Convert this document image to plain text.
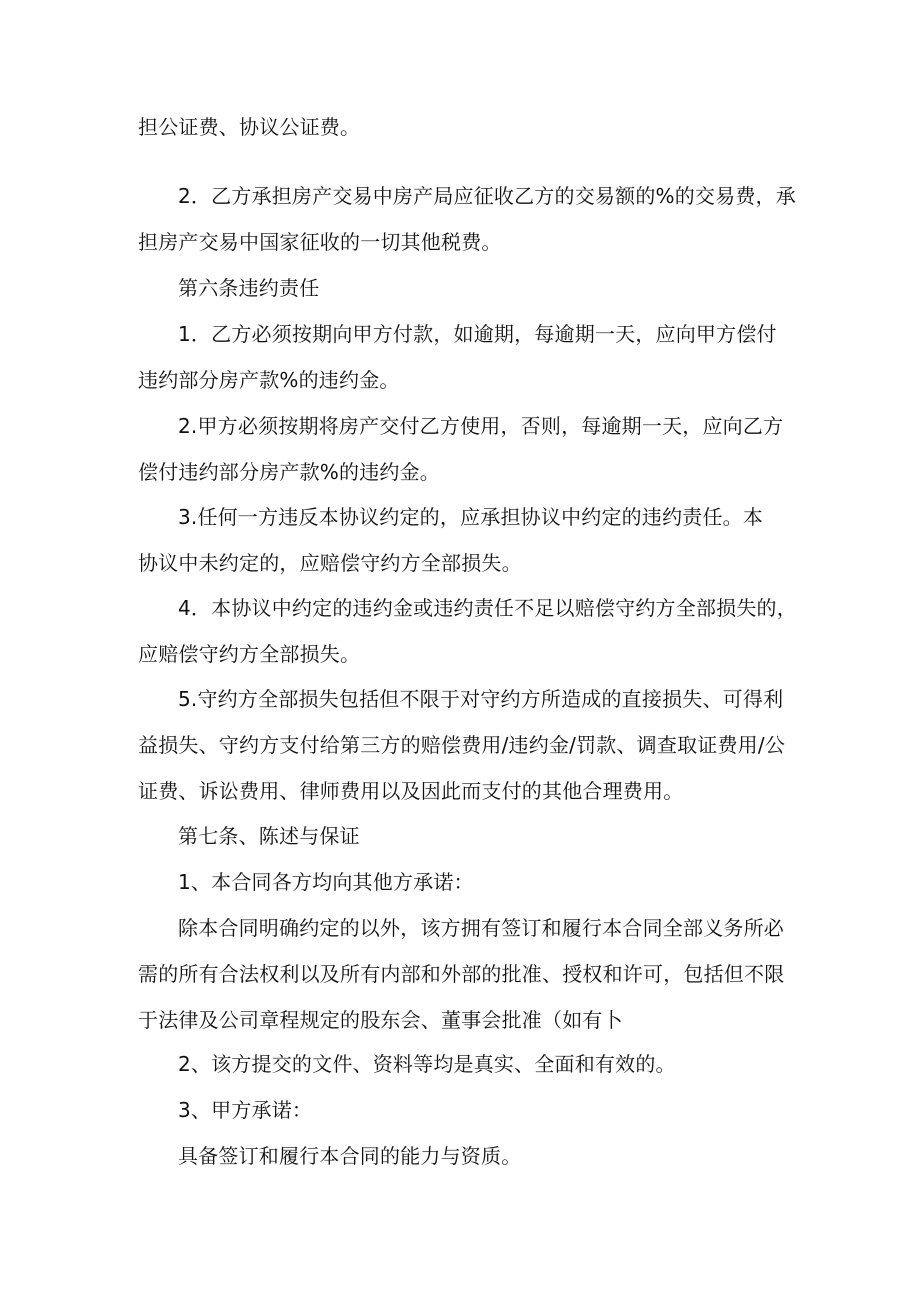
担公证费、协议公证费。
2．乙方承担房产交易中房产局应征收乙方的交易额的%的交易费，承
担房产交易中国家征收的一切其他税费。
第六条违约责任
1．乙方必须按期向甲方付款，如逾期，每逾期一天，应向甲方偿付
违约部分房产款%的违约金。
2.甲方必须按期将房产交付乙方使用，否则，每逾期一天，应向乙方
偿付违约部分房产款%的违约金。
3.任何一方违反本协议约定的，应承担协议中约定的违约责任。本
协议中未约定的，应赔偿守约方全部损失。
4．本协议中约定的违约金或违约责任不足以赔偿守约方全部损失的，
应赔偿守约方全部损失。
5.守约方全部损失包括但不限于对守约方所造成的直接损失、可得利
益损失、守约方支付给第三方的赔偿费用/违约金/罚款、调查取证费用/公
证费、诉讼费用、律师费用以及因此而支付的其他合理费用。
第七条、陈述与保证
1、本合同各方均向其他方承诺：
除本合同明确约定的以外，该方拥有签订和履行本合同全部义务所必
需的所有合法权利以及所有内部和外部的批准、授权和许可，包括但不限
于法律及公司章程规定的股东会、董事会批准（如有卜
2、该方提交的文件、资料等均是真实、全面和有效的。
3、甲方承诺：
具备签订和履行本合同的能力与资质。
